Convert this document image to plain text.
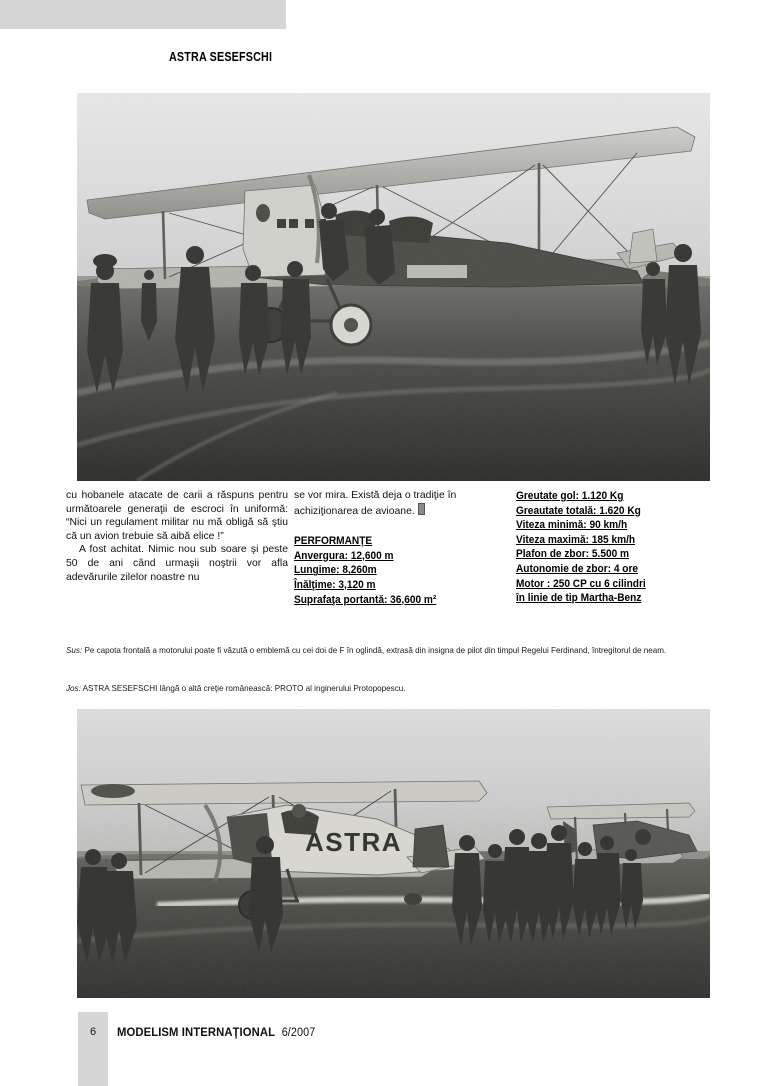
ASTRA SESEFSCHI

cu hobanele atacate de carii a răspuns pentru următoarele generaţii de escroci în uniformă: “Nici un regulament militar nu mă obligă să ştiu că un avion trebuie să aibă elice !”

A fost achitat. Nimic nou sub soare şi peste 50 de ani când urmaşii noştrii vor afla adevărurile zilelor noastre nu

se vor mira. Există deja o tradiţie în achiziţionarea de avioane.

PERFORMANŢE
Anvergura: 12,600 m
Lungime: 8,260m
Înălţime: 3,120 m
Suprafaţa portantă: 36,600 m²
Greutate gol: 1.120 Kg
Greautate totală: 1.620 Kg
Viteza minimă: 90 km/h
Viteza maximă: 185 km/h
Plafon de zbor: 5.500 m
Autonomie de zbor: 4 ore
Motor : 250 CP cu 6 cilindri
în linie de tip Martha-Benz
Sus: Pe capota frontală a motorului poate fi văzută o emblemă cu cei doi de F în oglindă, extrasă din insigna de pilot din timpul Regelui Ferdinand, întregitorul de neam.
Jos: ASTRA SESEFSCHI lângă o altă creţie românească: PROTO al inginerului Protopopescu.
6	MODELISM INTERNAŢIONAL 6/2007
